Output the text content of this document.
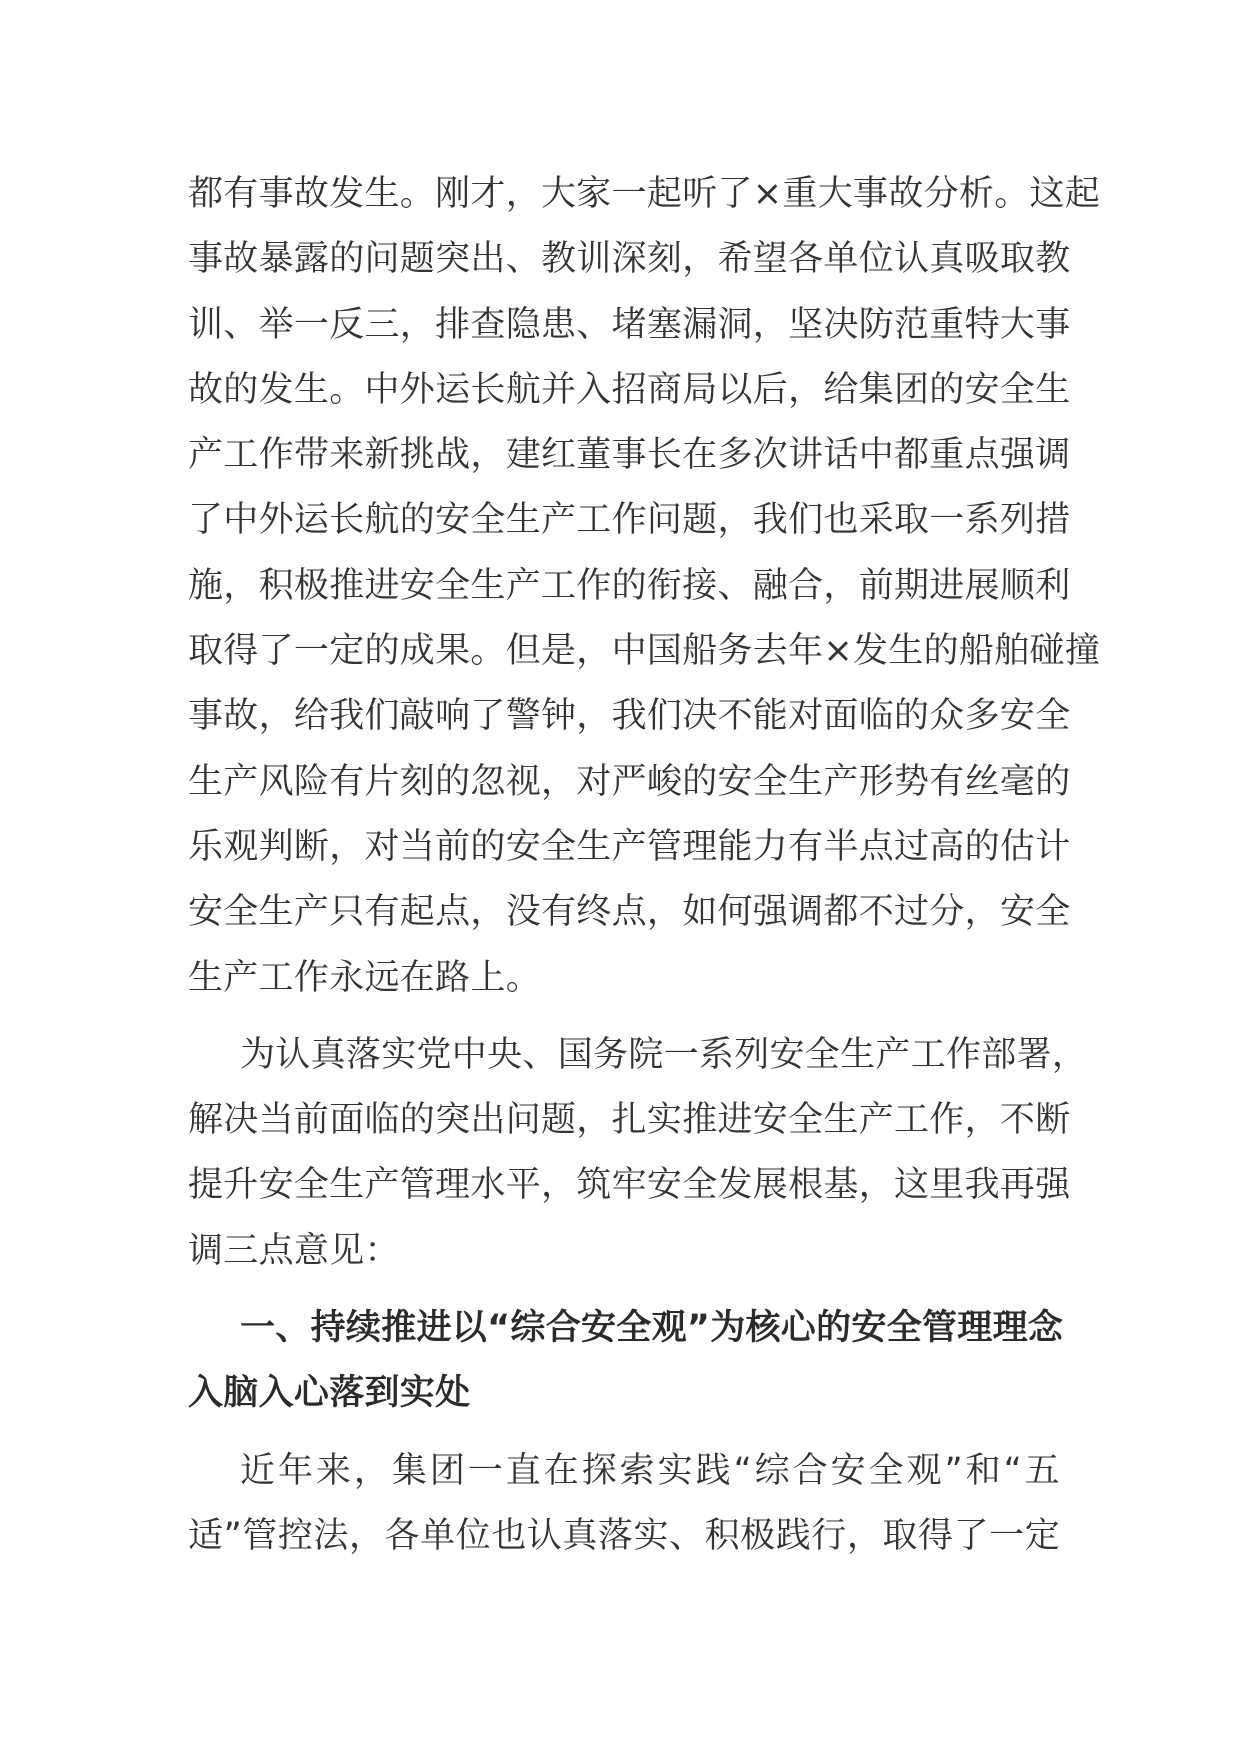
都有事故发生。刚才，大家一起听了×重大事故分析。这起
事故暴露的问题突出、教训深刻，希望各单位认真吸取教
训、举一反三，排查隐患、堵塞漏洞，坚决防范重特大事
故的发生。中外运长航并入招商局以后，给集团的安全生
产工作带来新挑战，建红董事长在多次讲话中都重点强调
了中外运长航的安全生产工作问题，我们也采取一系列措
施，积极推进安全生产工作的衔接、融合，前期进展顺利
取得了一定的成果。但是，中国船务去年×发生的船舶碰撞
事故，给我们敲响了警钟，我们决不能对面临的众多安全
生产风险有片刻的忽视，对严峻的安全生产形势有丝毫的
乐观判断，对当前的安全生产管理能力有半点过高的估计
安全生产只有起点，没有终点，如何强调都不过分，安全
生产工作永远在路上。
为认真落实党中央、国务院一系列安全生产工作部署，
解决当前面临的突出问题，扎实推进安全生产工作，不断
提升安全生产管理水平，筑牢安全发展根基，这里我再强
调三点意见：
一、持续推进以“综合安全观”为核心的安全管理理念
入脑入心落到实处
近年来，集团一直在探索实践“综合安全观”和“五
适”管控法，各单位也认真落实、积极践行，取得了一定
